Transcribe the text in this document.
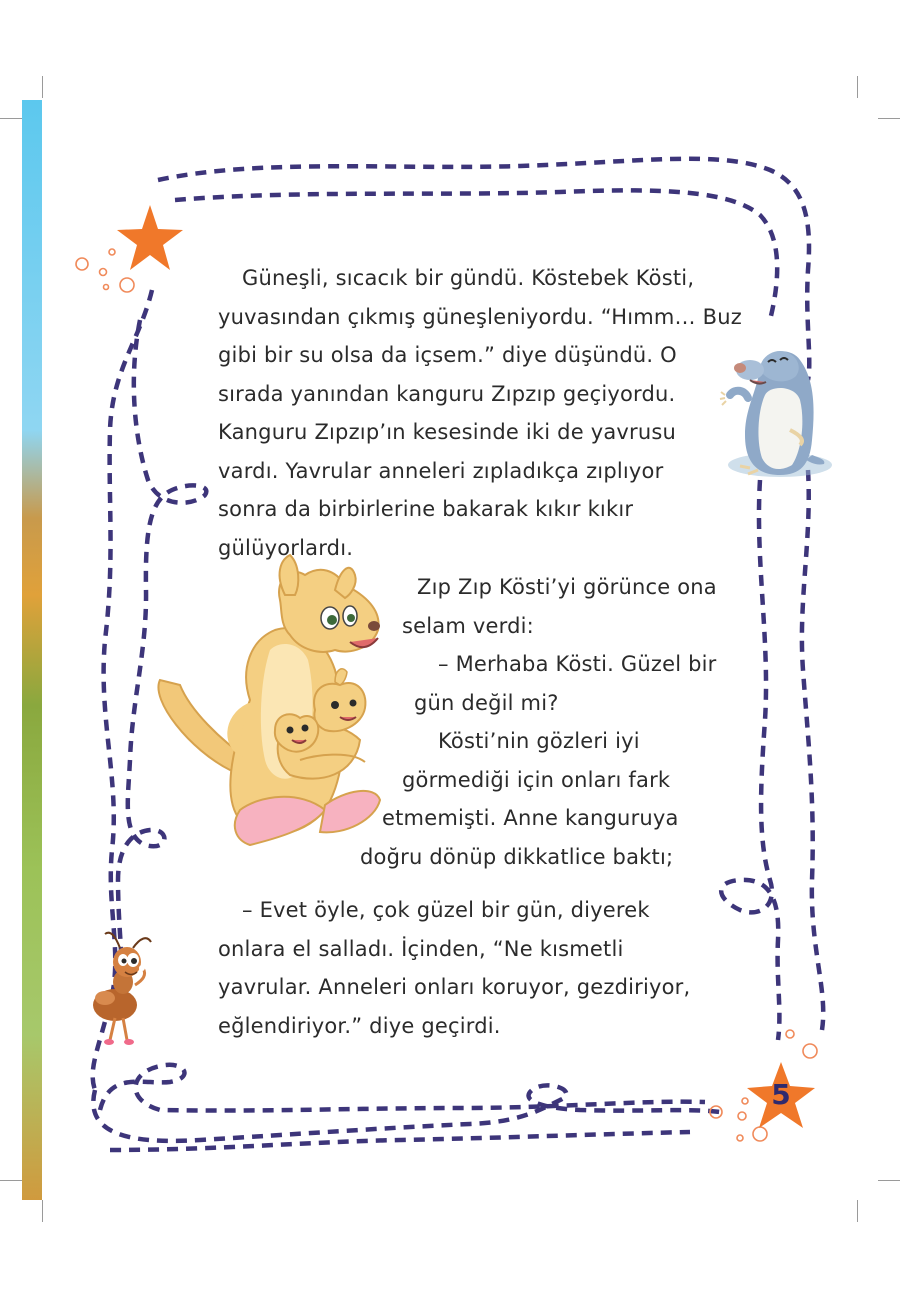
Güneşli, sıcacık bir gündü. Köstebek Kösti,
yuvasından çıkmış güneşleniyordu. “Hımm… Buz
gibi bir su olsa da içsem.” diye düşündü. O
sırada yanından kanguru Zıpzıp geçiyordu.
Kanguru Zıpzıp’ın kesesinde iki de yavrusu
vardı. Yavrular anneleri zıpladıkça zıplıyor
sonra da birbirlerine bakarak kıkır kıkır
gülüyorlardı.
Zıp Zıp Kösti’yi görünce ona
selam verdi:
– Merhaba Kösti. Güzel bir
gün değil mi?
Kösti’nin gözleri iyi
görmediği için onları fark
etmemişti. Anne kanguruya
doğru dönüp dikkatlice baktı;
– Evet öyle, çok güzel bir gün, diyerek
onlara el salladı. İçinden, “Ne kısmetli
yavrular. Anneleri onları koruyor, gezdiriyor,
eğlendiriyor.” diye geçirdi.
5
